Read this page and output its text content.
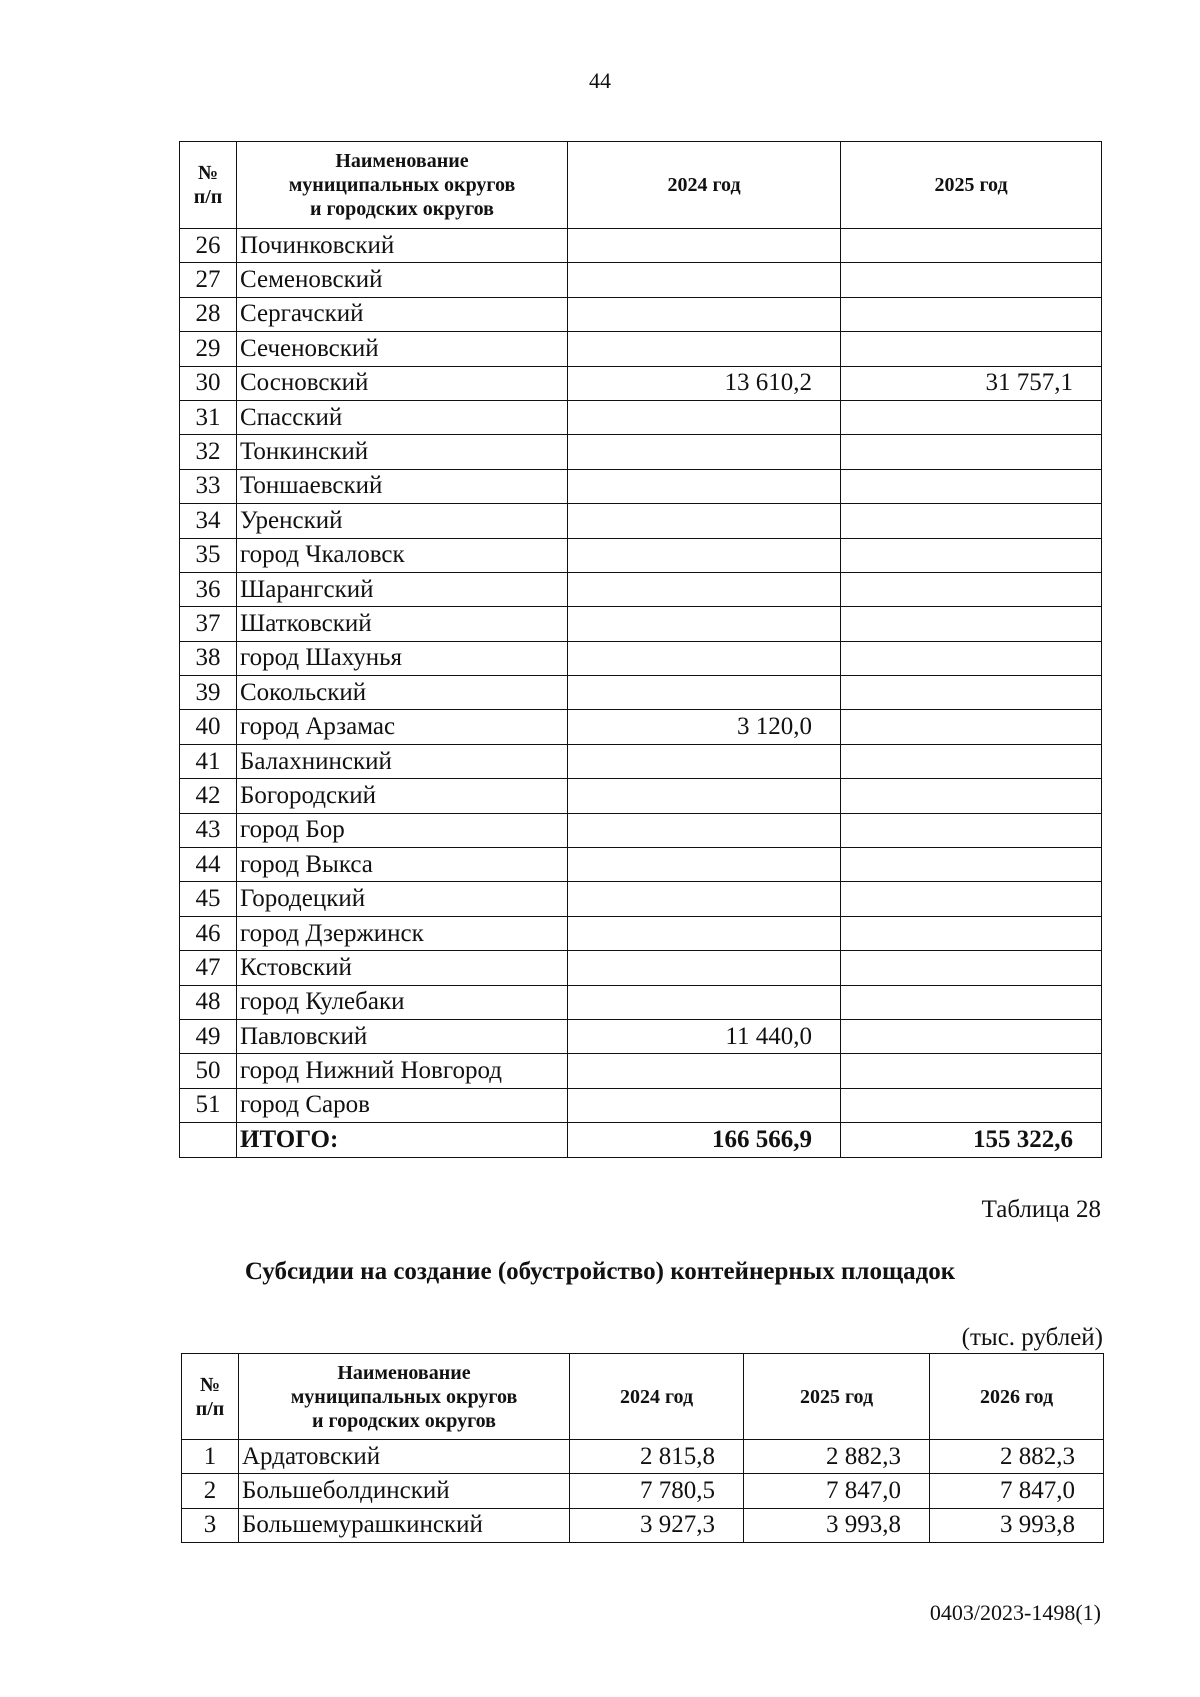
44
№
п/п	Наименование
муниципальных округов
и городских округов	2024 год	2025 год
26	Починковский		
27	Семеновский		
28	Сергачский		
29	Сеченовский		
30	Сосновский	13 610,2	31 757,1
31	Спасский		
32	Тонкинский		
33	Тоншаевский		
34	Уренский		
35	город Чкаловск		
36	Шарангский		
37	Шатковский		
38	город Шахунья		
39	Сокольский		
40	город Арзамас	3 120,0	
41	Балахнинский		
42	Богородский		
43	город Бор		
44	город Выкса		
45	Городецкий		
46	город Дзержинск		
47	Кстовский		
48	город Кулебаки		
49	Павловский	11 440,0	
50	город Нижний Новгород		
51	город Саров		
	ИТОГО:	166 566,9	155 322,6
Таблица 28
Субсидии на создание (обустройство) контейнерных площадок
(тыс. рублей)
№
п/п	Наименование
муниципальных округов
и городских округов	2024 год	2025 год	2026 год
1	Ардатовский	2 815,8	2 882,3	2 882,3
2	Большеболдинский	7 780,5	7 847,0	7 847,0
3	Большемурашкинский	3 927,3	3 993,8	3 993,8
0403/2023-1498(1)
